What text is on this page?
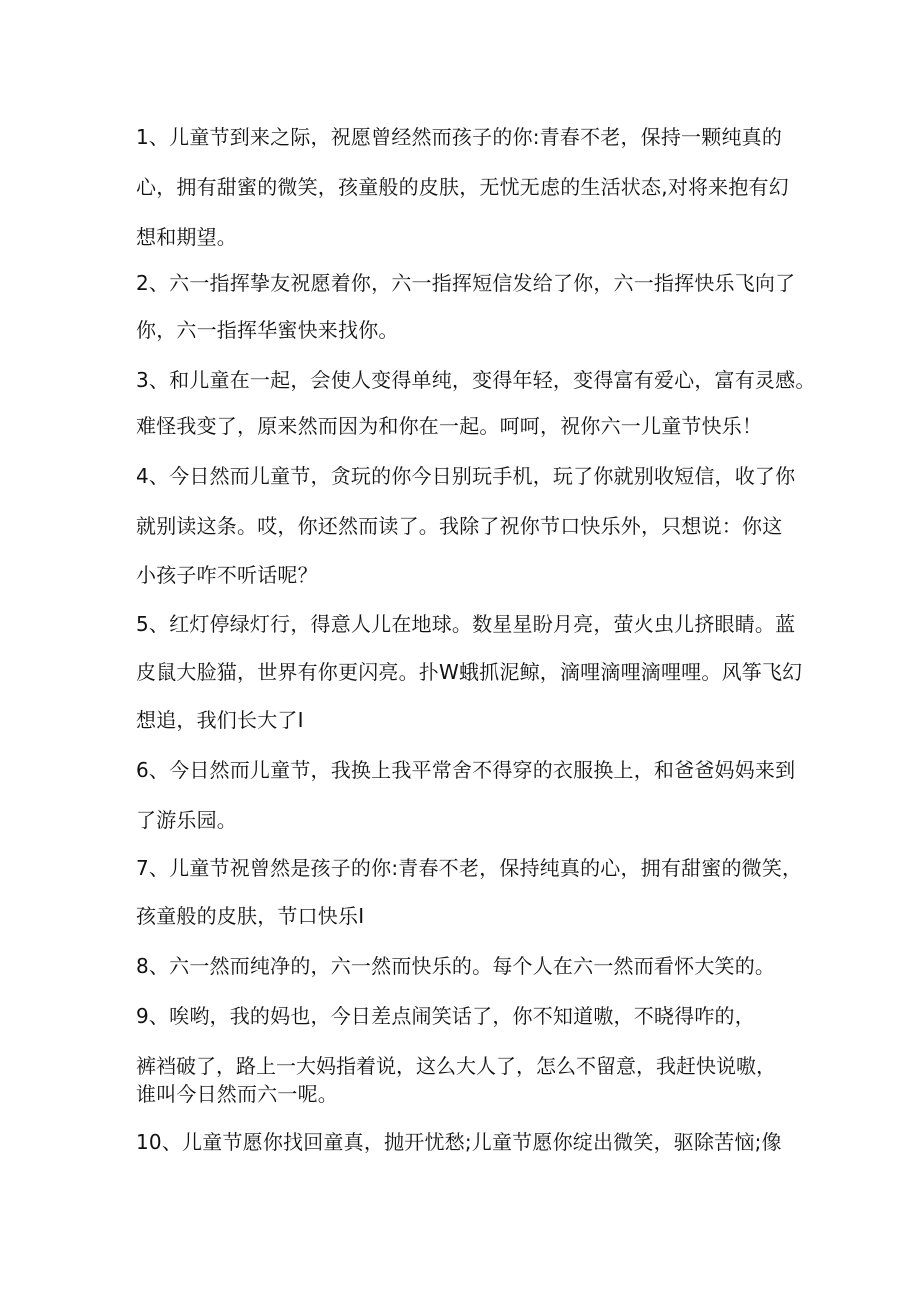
1、儿童节到来之际，祝愿曾经然而孩子的你:青春不老，保持一颗纯真的
心，拥有甜蜜的微笑，孩童般的皮肤，无忧无虑的生活状态,对将来抱有幻
想和期望。
2、六一指挥挚友祝愿着你，六一指挥短信发给了你，六一指挥快乐飞向了
你，六一指挥华蜜快来找你。
3、和儿童在一起，会使人变得单纯，变得年轻，变得富有爱心，富有灵感。
难怪我变了，原来然而因为和你在一起。呵呵，祝你六一儿童节快乐！
4、今日然而儿童节，贪玩的你今日别玩手机，玩了你就别收短信，收了你
就别读这条。哎，你还然而读了。我除了祝你节口快乐外，只想说：你这
小孩子咋不听话呢？
5、红灯停绿灯行，得意人儿在地球。数星星盼月亮，萤火虫儿挤眼睛。蓝
皮鼠大脸猫，世界有你更闪亮。扑W蛾抓泥鲸，滴哩滴哩滴哩哩。风筝飞幻
想追，我们长大了I
6、今日然而儿童节，我换上我平常舍不得穿的衣服换上，和爸爸妈妈来到
了游乐园。
7、儿童节祝曾然是孩子的你:青春不老，保持纯真的心，拥有甜蜜的微笑，
孩童般的皮肤，节口快乐I
8、六一然而纯净的，六一然而快乐的。每个人在六一然而看怀大笑的。
9、唉哟，我的妈也，今日差点闹笑话了，你不知道嗷，不晓得咋的，
裤裆破了，路上一大妈指着说，这么大人了，怎么不留意，我赶快说嗷，
谁叫今日然而六一呢。
10、儿童节愿你找回童真，抛开忧愁;儿童节愿你绽出微笑，驱除苦恼;像
